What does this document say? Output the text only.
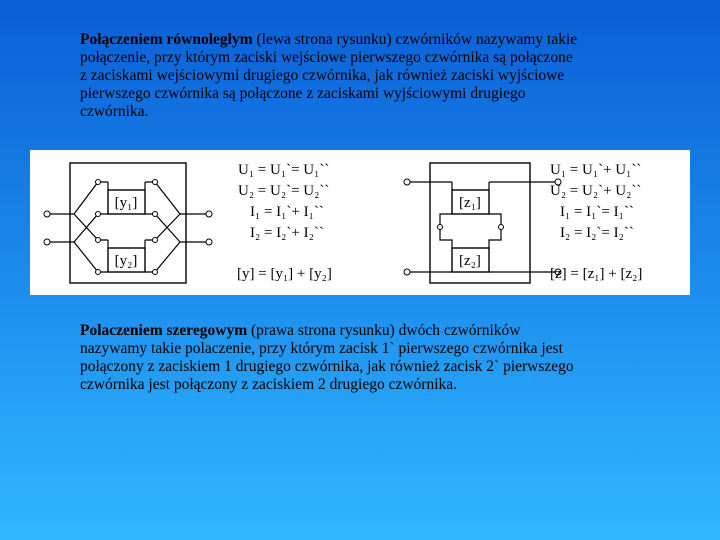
Połączeniem równoległym (lewa strona rysunku) czwórników nazywamy takie
połączenie, przy którym zaciski wejściowe pierwszego czwórnika są połączone
z zaciskami wejściowymi drugiego czwórnika, jak również zaciski wyjściowe
pierwszego czwórnika są połączone z zaciskami wyjściowymi drugiego
czwórnika.

[y₁]
[y₂]
U₁ = U₁`= U₁``
U₂ = U₂`= U₂``
I₁ = I₁`+ I₁``
I₂ = I₂`+ I₂``
[y] = [y₁] + [y₂]
[z₁]
[z₂]
U₁ = U₁`+ U₁``
U₂ = U₂`+ U₂``
I₁ = I₁`= I₁``
I₂ = I₂`= I₂``
[z] = [z₁] + [z₂]

Polaczeniem szeregowym (prawa strona rysunku) dwóch czwórników
nazywamy takie polaczenie, przy którym zacisk 1` pierwszego czwórnika jest
połączony z zaciskiem 1 drugiego czwórnika, jak również zacisk 2` pierwszego
czwórnika jest połączony z zaciskiem 2 drugiego czwórnika.
